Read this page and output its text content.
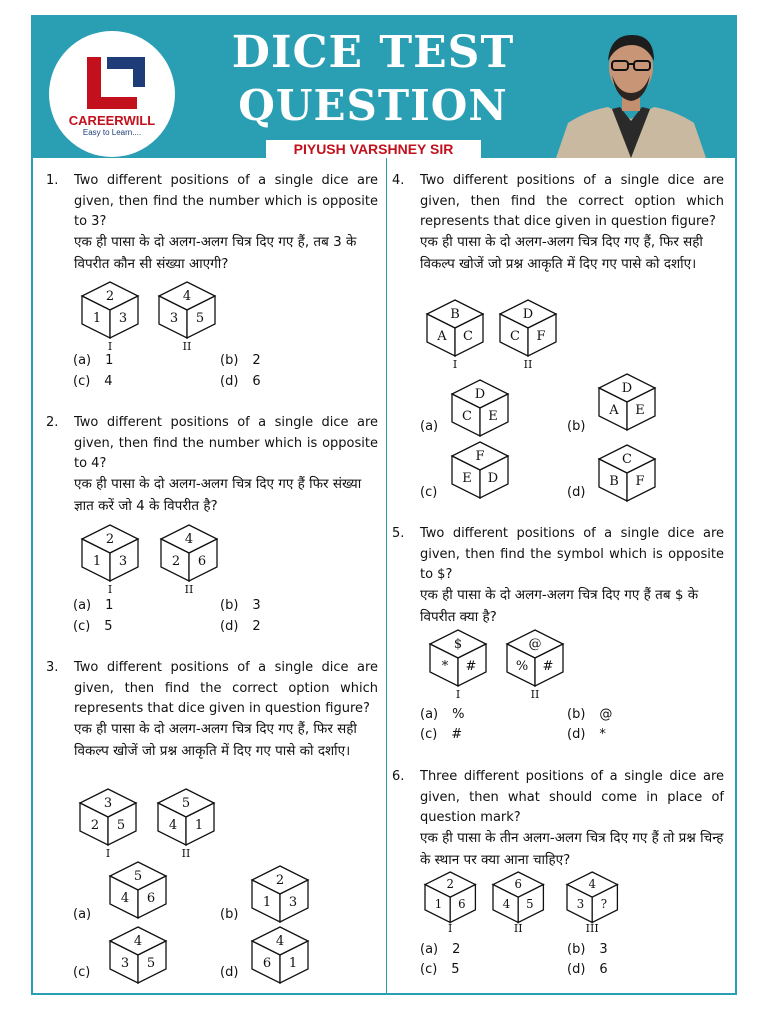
CAREERWILL
Easy to Learn....
DICE TEST
QUESTION
PIYUSH VARSHNEY SIR
1. Two different positions of a single dice are given, then find the number which is opposite to 3?
एक ही पासा के दो अलग-अलग चित्र दिए गए हैं, तब 3 के विपरीत कौन सी संख्या आएगी?
2
1 3
I
4
3 5
II
(a) 1	(b) 2
(c) 4	(d) 6
2. Two different positions of a single dice are given, then find the number which is opposite to 4?
एक ही पासा के दो अलग-अलग चित्र दिए गए हैं फिर संख्या ज्ञात करें जो 4 के विपरीत है?
2
1 3
I
4
2 6
II
(a) 1	(b) 3
(c) 5	(d) 2
3. Two different positions of a single dice are given, then find the correct option which represents that dice given in question figure?
एक ही पासा के दो अलग-अलग चित्र दिए गए हैं, फिर सही विकल्प खोजें जो प्रश्न आकृति में दिए गए पासे को दर्शाए।
3
2 5
I
5
4 1
II
(a)
5
4 6
(b)
2
1 3
(c)
4
3 5
(d)
4
6 1
4. Two different positions of a single dice are given, then find the correct option which represents that dice given in question figure?
एक ही पासा के दो अलग-अलग चित्र दिए गए हैं, फिर सही विकल्प खोजें जो प्रश्न आकृति में दिए गए पासे को दर्शाए।
B
A C
I
D
C F
II
(a)
D
C E
(b)
D
A E
(c)
F
E D
(d)
C
B F
5. Two different positions of a single dice are given, then find the symbol which is opposite to $?
एक ही पासा के दो अलग-अलग चित्र दिए गए हैं तब $ के विपरीत क्या है?
$
* #
I
@
% #
II
(a) %	(b) @
(c) #	(d) *
6. Three different positions of a single dice are given, then what should come in place of question mark?
एक ही पासा के तीन अलग-अलग चित्र दिए गए हैं तो प्रश्न चिन्ह के स्थान पर क्या आना चाहिए?
2
1 6
I
6
4 5
II
4
3 ?
III
(a) 2	(b) 3
(c) 5	(d) 6
